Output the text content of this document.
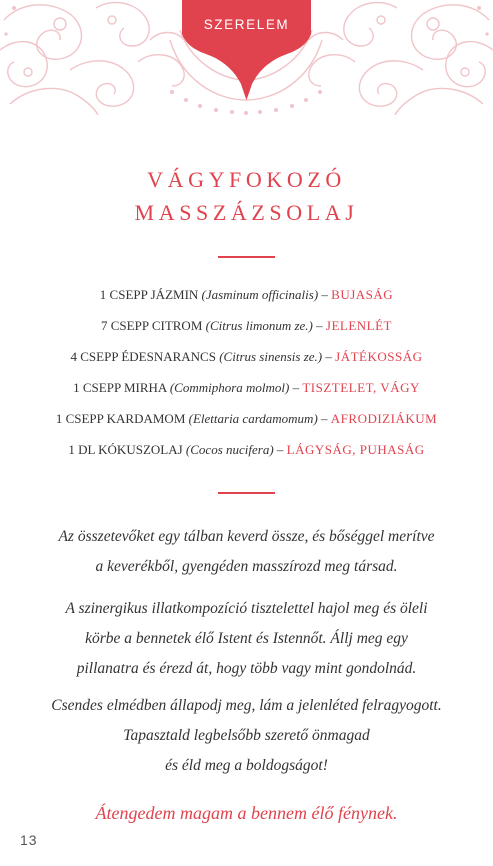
SZERELEM
VÁGYFOKOZÓ
MASSZÁZSOLAJ
1 CSEPP JÁZMIN (Jasminum officinalis) – BUJASÁG
7 CSEPP CITROM (Citrus limonum ze.) – JELENLÉT
4 CSEPP ÉDESNARANCS (Citrus sinensis ze.) – JÁTÉKOSSÁG
1 CSEPP MIRHA (Commiphora molmol) – TISZTELET, VÁGY
1 CSEPP KARDAMOM (Elettaria cardamomum) – AFRODIZIÁKUM
1 DL KÓKUSZOLAJ (Cocos nucifera) – LÁGYSÁG, PUHASÁG
Az összetevőket egy tálban keverd össze, és bőséggel merítve
a keverékből, gyengéden masszírozd meg társad.
A szinergikus illatkompozíció tisztelettel hajol meg és öleli
körbe a bennetek élő Istent és Istennőt. Állj meg egy
pillanatra és érezd át, hogy több vagy mint gondolnád.
Csendes elmédben állapodj meg, lám a jelenléted felragyogott.
Tapasztald legbelsőbb szerető önmagad
és éld meg a boldogságot!
Átengedem magam a bennem élő fénynek.
13
